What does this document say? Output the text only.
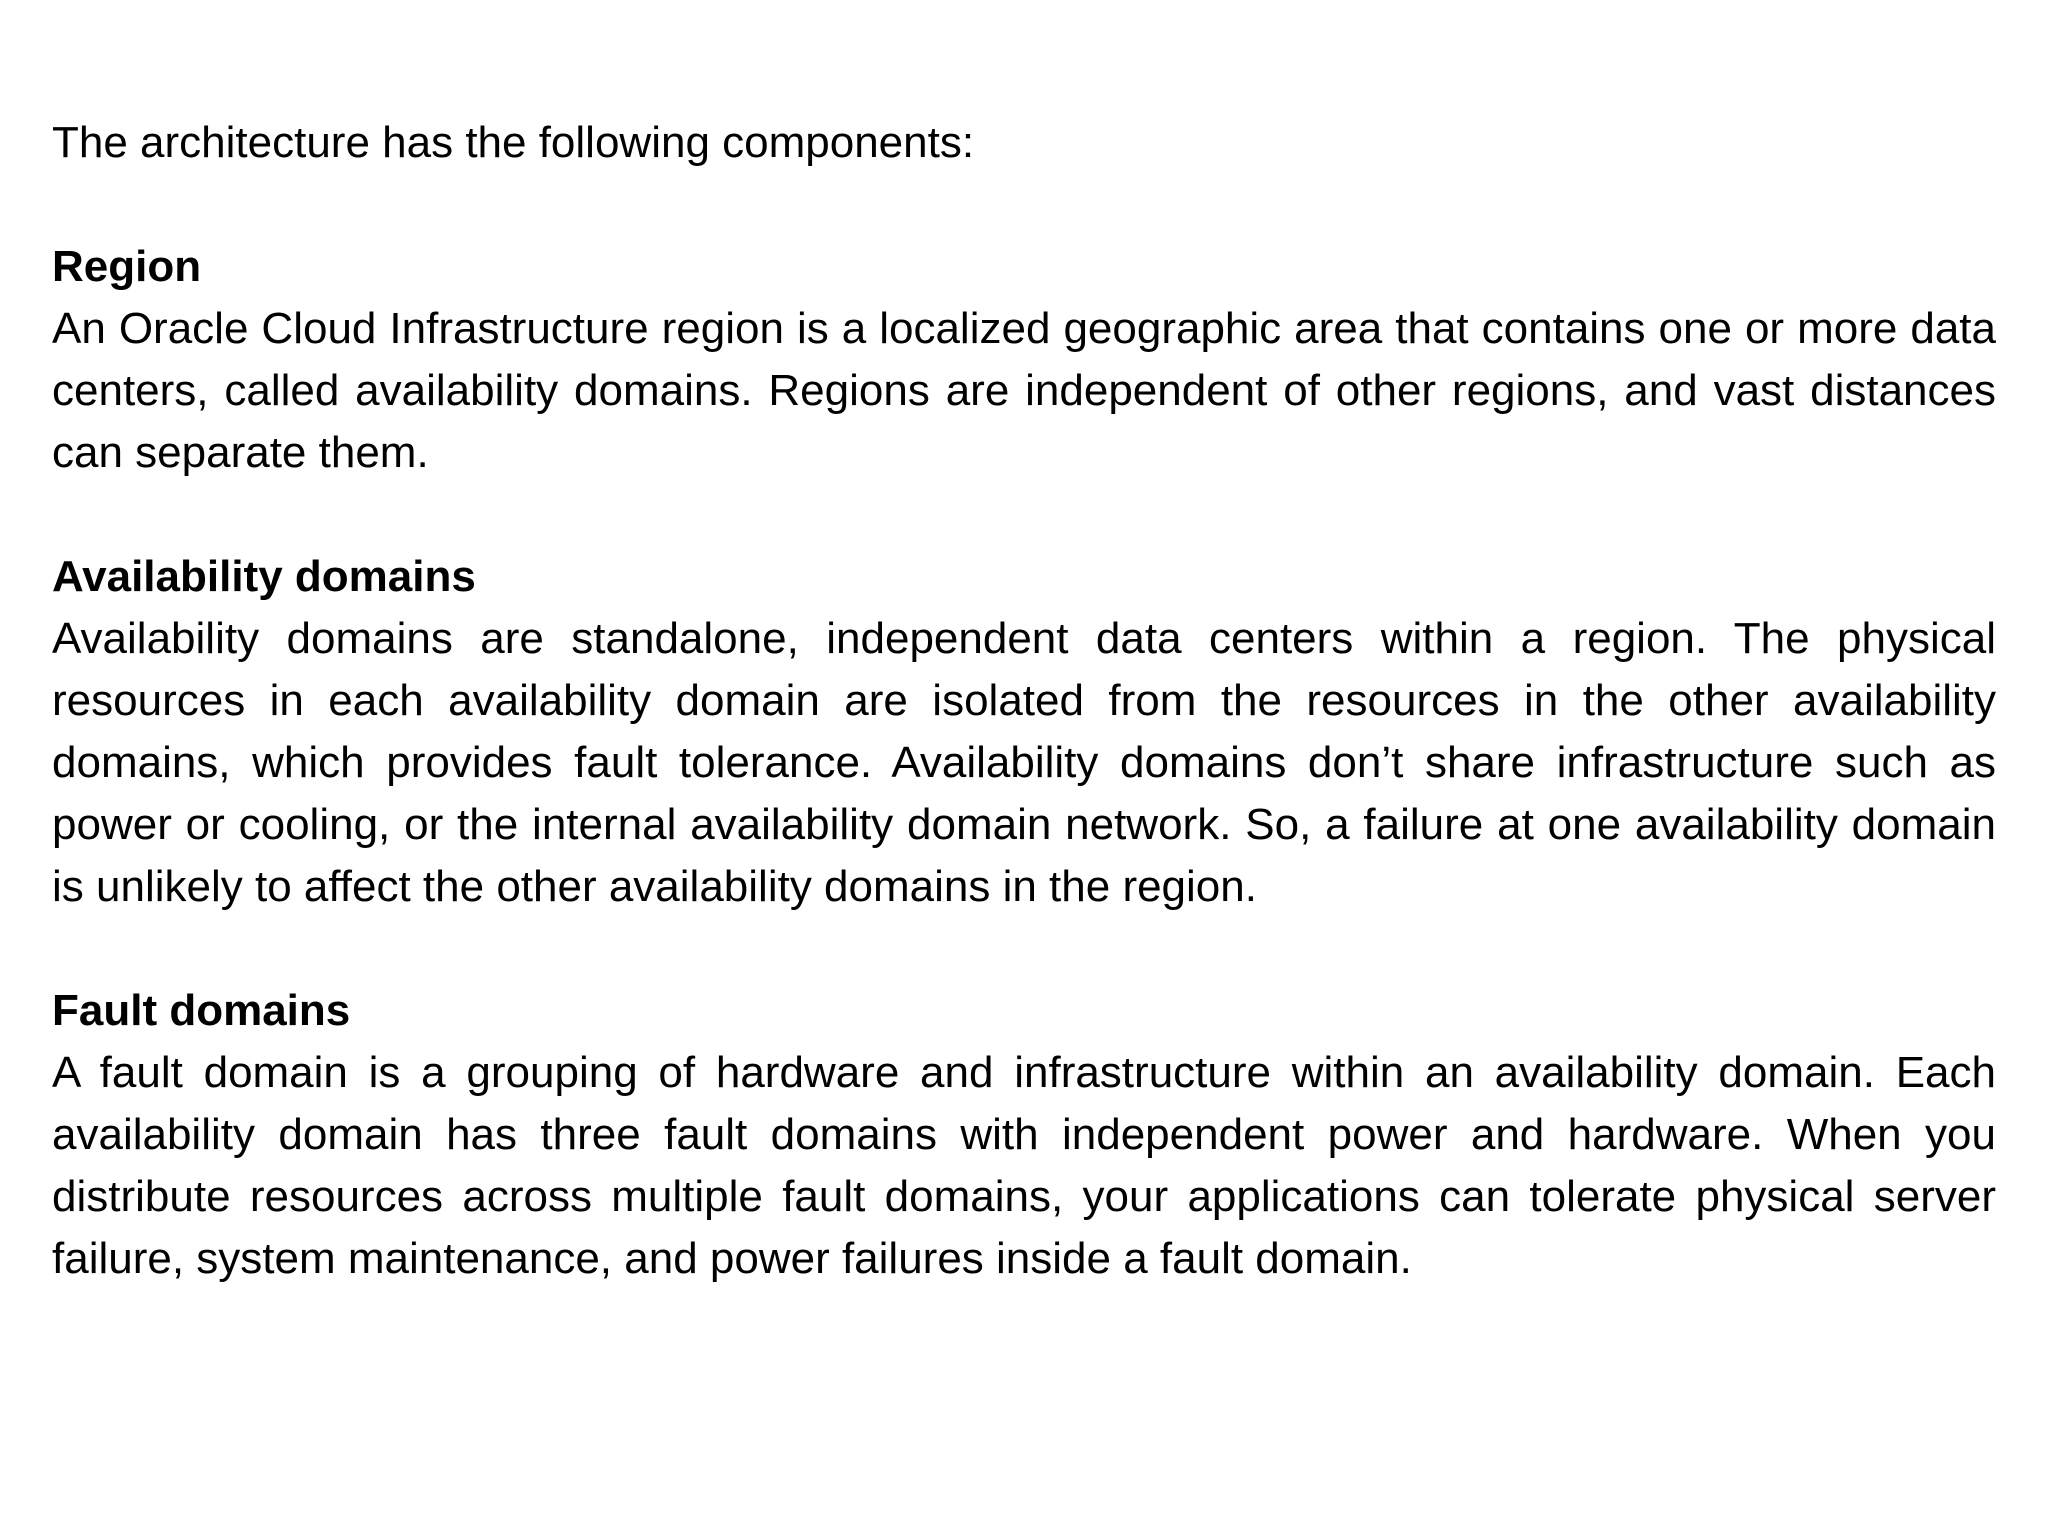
The architecture has the following components:

Region

An Oracle Cloud Infrastructure region is a localized geographic area that contains one or more data centers, called availability domains. Regions are independent of other regions, and vast distances can separate them.

Availability domains

Availability domains are standalone, independent data centers within a region. The physical resources in each availability domain are isolated from the resources in the other availability domains, which provides fault tolerance. Availability domains don’t share infrastructure such as power or cooling, or the internal availability domain network. So, a failure at one availability domain is unlikely to affect the other availability domains in the region.

Fault domains

A fault domain is a grouping of hardware and infrastructure within an availability domain. Each availability domain has three fault domains with independent power and hardware. When you distribute resources across multiple fault domains, your applications can tolerate physical server failure, system maintenance, and power failures inside a fault domain.
